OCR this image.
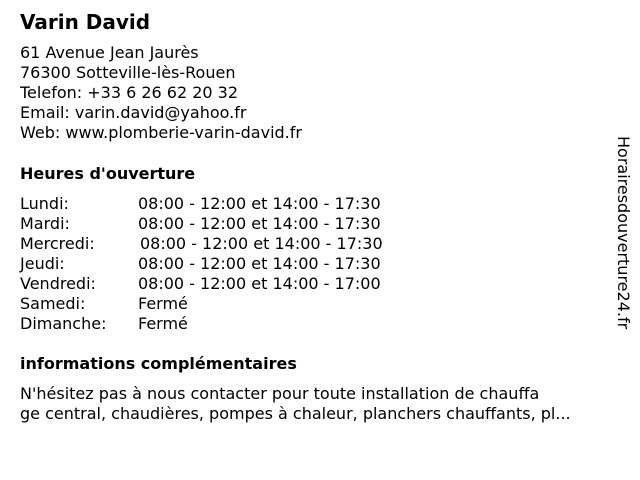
Varin David
61 Avenue Jean Jaurès
76300 Sotteville-lès-Rouen
Telefon: +33 6 26 62 20 32
Email: varin.david@yahoo.fr
Web: www.plomberie-varin-david.fr
Heures d'ouverture
Lundi:	08:00 - 12:00 et 14:00 - 17:30
Mardi:	08:00 - 12:00 et 14:00 - 17:30
Mercredi:	08:00 - 12:00 et 14:00 - 17:30
Jeudi:	08:00 - 12:00 et 14:00 - 17:30
Vendredi:	08:00 - 12:00 et 14:00 - 17:00
Samedi:	Fermé
Dimanche: Fermé
informations complémentaires
N'hésitez pas à nous contacter pour toute installation de chauffa
ge central, chaudières, pompes à chaleur, planchers chauffants, pl...
Horairesdouverture24.fr
